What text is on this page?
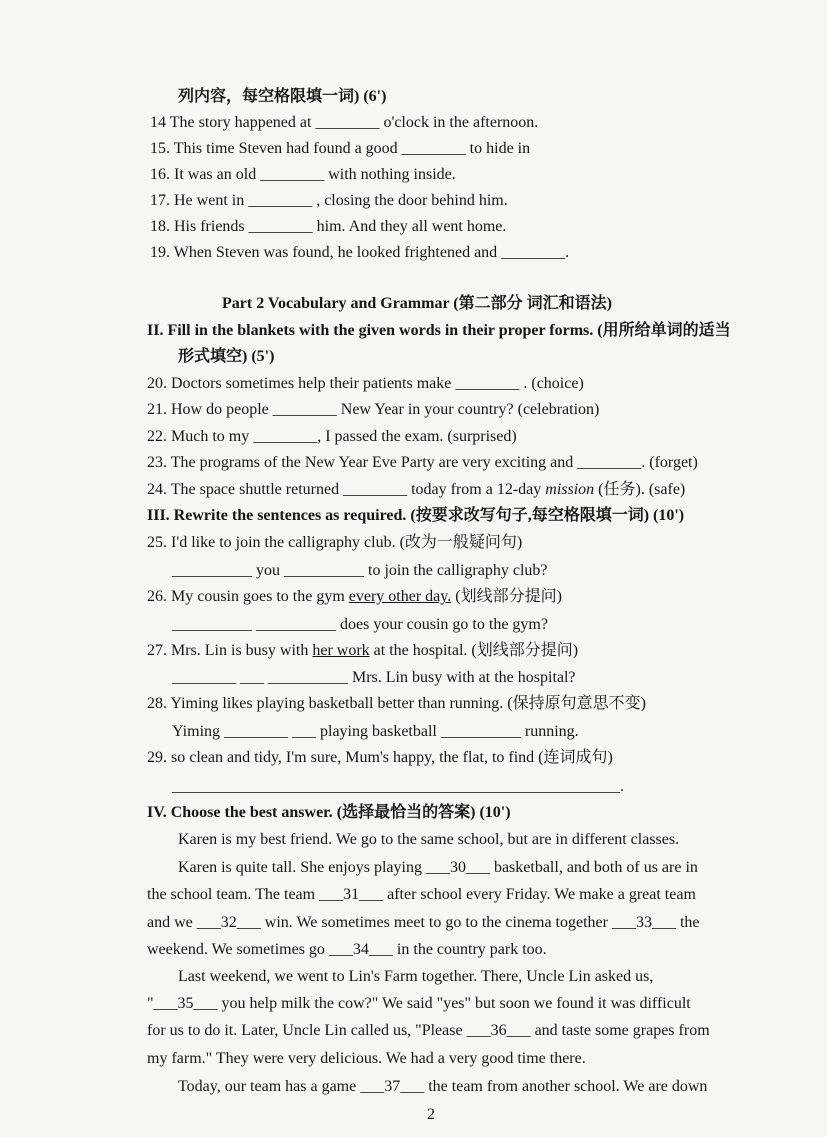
列内容，每空格限填一词) (6')
14 The story happened at ________ o'clock in the afternoon.
15. This time Steven had found a good ________ to hide in
16. It was an old ________ with nothing inside.
17. He went in ________ , closing the door behind him.
18. His friends ________ him. And they all went home.
19. When Steven was found, he looked frightened and ________.
Part 2 Vocabulary and Grammar (第二部分 词汇和语法)
II. Fill in the blankets with the given words in their proper forms. (用所给单词的适当
形式填空) (5')
20. Doctors sometimes help their patients make ________ . (choice)
21. How do people ________ New Year in your country? (celebration)
22. Much to my ________, I passed the exam. (surprised)
23. The programs of the New Year Eve Party are very exciting and ________. (forget)
24. The space shuttle returned ________ today from a 12-day mission (任务). (safe)
III. Rewrite the sentences as required. (按要求改写句子,每空格限填一词) (10')
25. I'd like to join the calligraphy club. (改为一般疑问句)
__________ you __________ to join the calligraphy club?
26. My cousin goes to the gym every other day. (划线部分提问)
__________ __________ does your cousin go to the gym?
27. Mrs. Lin is busy with her work at the hospital. (划线部分提问)
________ ___ __________ Mrs. Lin busy with at the hospital?
28. Yiming likes playing basketball better than running. (保持原句意思不变)
Yiming ________ ___ playing basketball __________ running.
29. so clean and tidy, I'm sure, Mum's happy, the flat, to find (连词成句)
________________________________________________________.
IV. Choose the best answer. (选择最恰当的答案) (10')
Karen is my best friend. We go to the same school, but are in different classes.
Karen is quite tall. She enjoys playing ___30___ basketball, and both of us are in
the school team. The team ___31___ after school every Friday. We make a great team
and we ___32___ win. We sometimes meet to go to the cinema together ___33___ the
weekend. We sometimes go ___34___ in the country park too.
Last weekend, we went to Lin's Farm together. There, Uncle Lin asked us,
"___35___ you help milk the cow?" We said "yes" but soon we found it was difficult
for us to do it. Later, Uncle Lin called us, "Please ___36___ and taste some grapes from
my farm." They were very delicious. We had a very good time there.
Today, our team has a game ___37___ the team from another school. We are down
2
